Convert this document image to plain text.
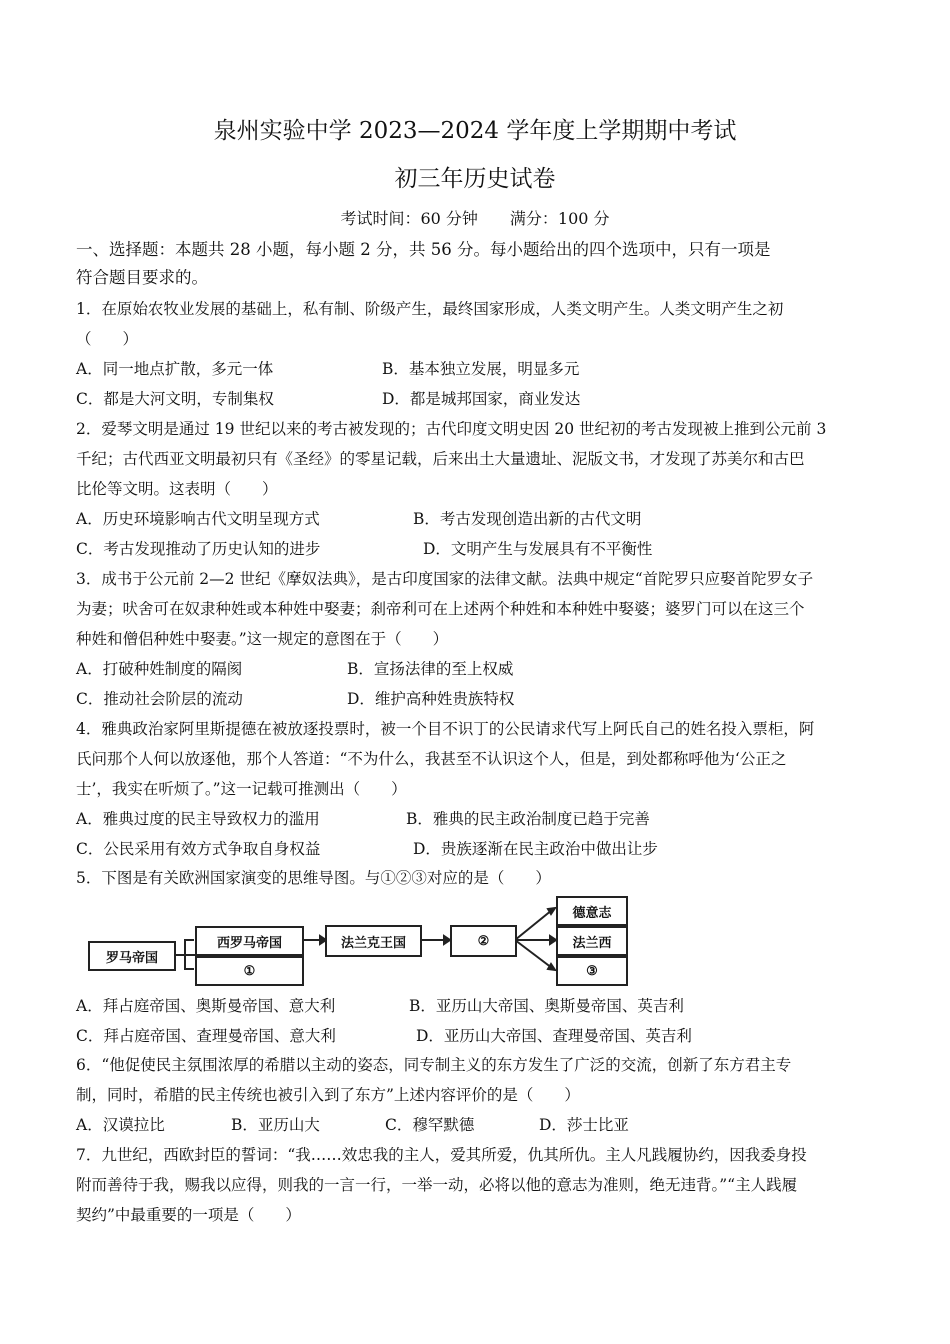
泉州实验中学 2023—2024 学年度上学期期中考试
初三年历史试卷
考试时间：60 分钟　　满分：100 分
一、选择题：本题共 28 小题，每小题 2 分，共 56 分。每小题给出的四个选项中，只有一项是
符合题目要求的。
1．在原始农牧业发展的基础上，私有制、阶级产生，最终国家形成，人类文明产生。人类文明产生之初
（　　）
A．同一地点扩散，多元一体	B．基本独立发展，明显多元
C．都是大河文明，专制集权	D．都是城邦国家，商业发达
2．爱琴文明是通过 19 世纪以来的考古被发现的；古代印度文明史因 20 世纪初的考古发现被上推到公元前 3
千纪；古代西亚文明最初只有《圣经》的零星记载，后来出土大量遗址、泥版文书，才发现了苏美尔和古巴
比伦等文明。这表明（　　）
A．历史环境影响古代文明呈现方式	B．考古发现创造出新的古代文明
C．考古发现推动了历史认知的进步	D．文明产生与发展具有不平衡性
3．成书于公元前 2—2 世纪《摩奴法典》，是古印度国家的法律文献。法典中规定“首陀罗只应娶首陀罗女子
为妻；吠舍可在奴隶种姓或本种姓中娶妻；刹帝利可在上述两个种姓和本种姓中娶婆；婆罗门可以在这三个
种姓和僧侣种姓中娶妻。”这一规定的意图在于（　　）
A．打破种姓制度的隔阂	B．宣扬法律的至上权威
C．推动社会阶层的流动	D．维护高种姓贵族特权
4．雅典政治家阿里斯提德在被放逐投票时，被一个目不识丁的公民请求代写上阿氏自己的姓名投入票柜，阿
氏问那个人何以放逐他，那个人答道：“不为什么，我甚至不认识这个人，但是，到处都称呼他为‘公正之
士’，我实在听烦了。”这一记载可推测出（　　）
A．雅典过度的民主导致权力的滥用	B．雅典的民主政治制度已趋于完善
C．公民采用有效方式争取自身权益	D．贵族逐渐在民主政治中做出让步
5．下图是有关欧洲国家演变的思维导图。与①②③对应的是（　　）
罗马帝国
西罗马帝国
①
法兰克王国	②
德意志
法兰西
③
A．拜占庭帝国、奥斯曼帝国、意大利	B．亚历山大帝国、奥斯曼帝国、英吉利
C．拜占庭帝国、查理曼帝国、意大利	D．亚历山大帝国、查理曼帝国、英吉利
6．“他促使民主氛围浓厚的希腊以主动的姿态，同专制主义的东方发生了广泛的交流，创新了东方君主专
制，同时，希腊的民主传统也被引入到了东方”上述内容评价的是（　　）
A．汉谟拉比	B．亚历山大	C．穆罕默德	D．莎士比亚
7．九世纪，西欧封臣的誓词：“我……效忠我的主人，爱其所爱，仇其所仇。主人凡践履协约，因我委身投
附而善待于我，赐我以应得，则我的一言一行，一举一动，必将以他的意志为准则，绝无违背。”“主人践履
契约”中最重要的一项是（　　）
